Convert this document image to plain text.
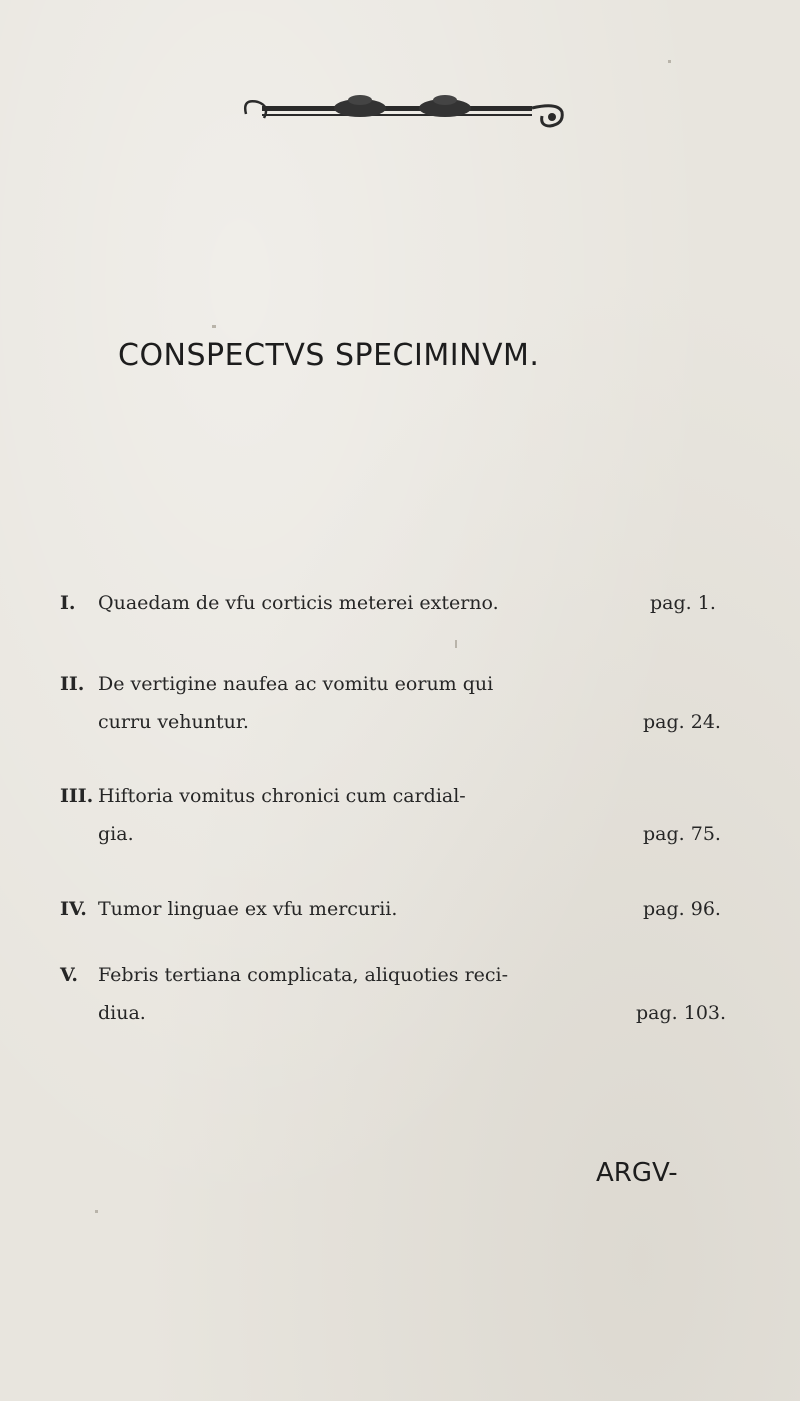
CONSPECTVS SPECIMINVM.
I. Quaedam de vfu corticis meterei externo.	pag. 1.
II. De vertigine naufea ac vomitu eorum qui
curru vehuntur.	pag. 24.
III. Hiftoria vomitus chronici cum cardial-
gia.	pag. 75.
IV. Tumor linguae ex vfu mercurii.	pag. 96.
V. Febris tertiana complicata, aliquoties reci-
diua.	pag. 103.
ARGV-
